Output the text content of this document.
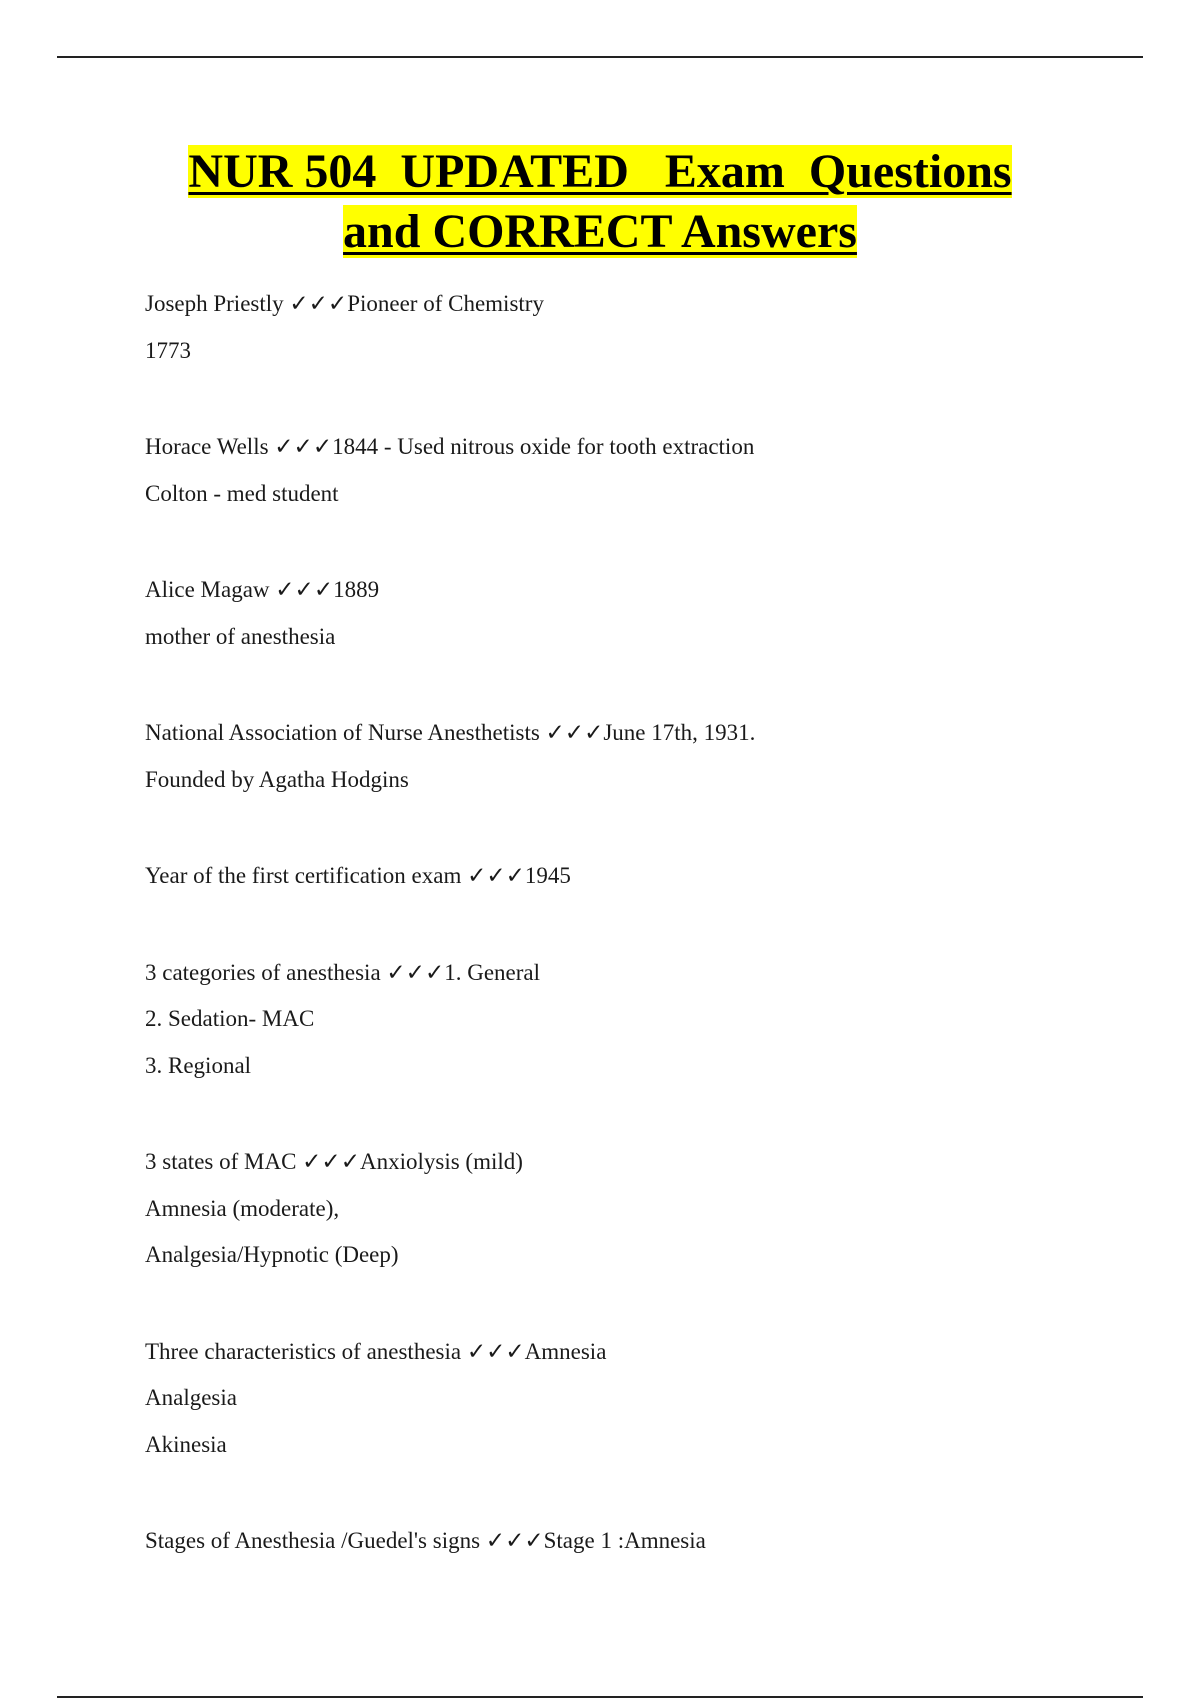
NUR 504  UPDATED   Exam  Questions
and CORRECT Answers
Joseph Priestly ✓✓✓Pioneer of Chemistry
1773
Horace Wells ✓✓✓1844 - Used nitrous oxide for tooth extraction
Colton - med student
Alice Magaw ✓✓✓1889
mother of anesthesia
National Association of Nurse Anesthetists ✓✓✓June 17th, 1931.
Founded by Agatha Hodgins
Year of the first certification exam ✓✓✓1945
3 categories of anesthesia ✓✓✓1. General
2. Sedation- MAC
3. Regional
3 states of MAC ✓✓✓Anxiolysis (mild)
Amnesia (moderate),
Analgesia/Hypnotic (Deep)
Three characteristics of anesthesia ✓✓✓Amnesia
Analgesia
Akinesia
Stages of Anesthesia /Guedel's signs ✓✓✓Stage 1 :Amnesia
